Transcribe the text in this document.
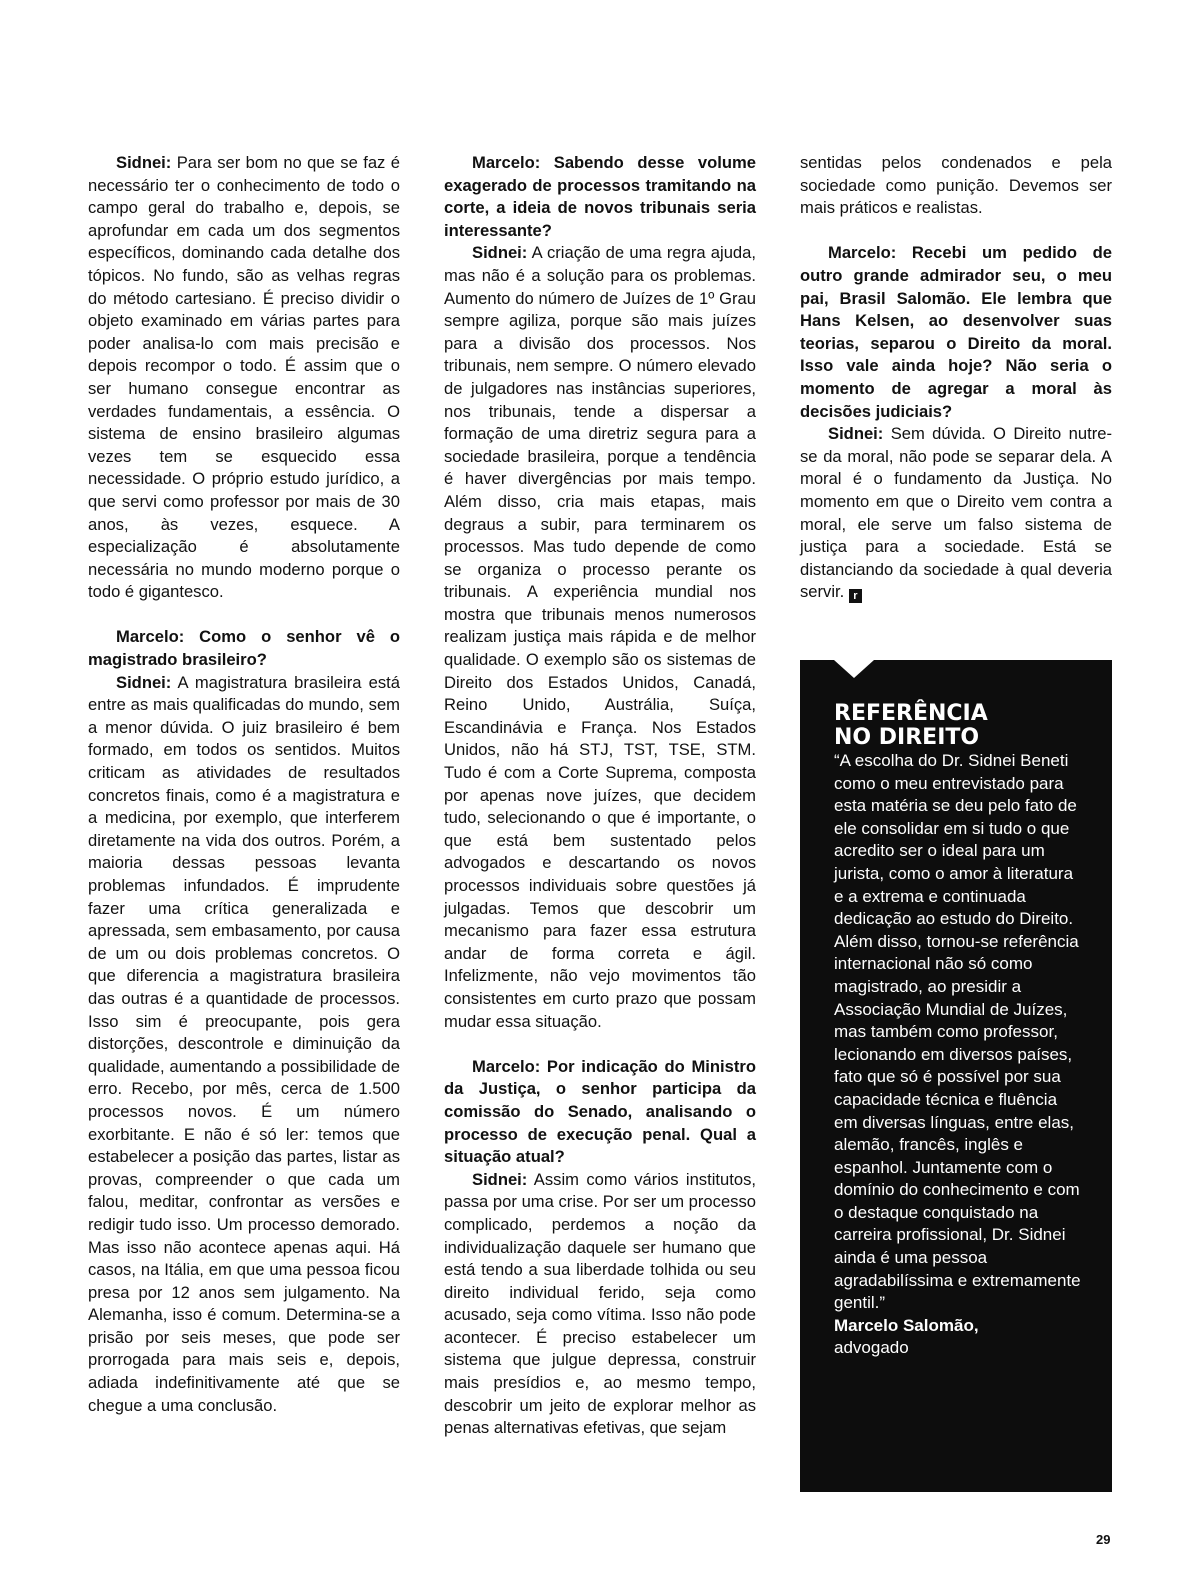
Sidnei: Para ser bom no que se faz é necessário ter o conhecimento de todo o campo geral do trabalho e, depois, se aprofundar em cada um dos segmentos específicos, dominando cada detalhe dos tópicos. No fundo, são as velhas regras do método cartesiano. É preciso dividir o objeto examinado em várias partes para poder analisa-lo com mais precisão e depois recompor o todo. É assim que o ser humano consegue encontrar as verdades fundamentais, a essência. O sistema de ensino brasileiro algumas vezes tem se esquecido essa necessidade. O próprio estudo jurídico, a que servi como professor por mais de 30 anos, às vezes, esquece. A especialização é absolutamente necessária no mundo moderno porque o todo é gigantesco.

Marcelo: Como o senhor vê o magistrado brasileiro?

Sidnei: A magistratura brasileira está entre as mais qualificadas do mundo, sem a menor dúvida. O juiz brasileiro é bem formado, em todos os sentidos. Muitos criticam as atividades de resultados concretos finais, como é a magistratura e a medicina, por exemplo, que interferem diretamente na vida dos outros. Porém, a maioria dessas pessoas levanta problemas infundados. É imprudente fazer uma crítica generalizada e apressada, sem embasamento, por causa de um ou dois problemas concretos. O que diferencia a magistratura brasileira das outras é a quantidade de processos. Isso sim é preocupante, pois gera distorções, descontrole e diminuição da qualidade, aumentando a possibilidade de erro. Recebo, por mês, cerca de 1.500 processos novos. É um número exorbitante. E não é só ler: temos que estabelecer a posição das partes, listar as provas, compreender o que cada um falou, meditar, confrontar as versões e redigir tudo isso. Um processo demorado. Mas isso não acontece apenas aqui. Há casos, na Itália, em que uma pessoa ficou presa por 12 anos sem julgamento. Na Alemanha, isso é comum. Determina-se a prisão por seis meses, que pode ser prorrogada para mais seis e, depois, adiada indefinitivamente até que se chegue a uma conclusão.

Marcelo: Sabendo desse volume exagerado de processos tramitando na corte, a ideia de novos tribunais seria interessante?

Sidnei: A criação de uma regra ajuda, mas não é a solução para os problemas. Aumento do número de Juízes de 1º Grau sempre agiliza, porque são mais juízes para a divisão dos processos. Nos tribunais, nem sempre. O número elevado de julgadores nas instâncias superiores, nos tribunais, tende a dispersar a formação de uma diretriz segura para a sociedade brasileira, porque a tendência é haver divergências por mais tempo. Além disso, cria mais etapas, mais degraus a subir, para terminarem os processos. Mas tudo depende de como se organiza o processo perante os tribunais. A experiência mundial nos mostra que tribunais menos numerosos realizam justiça mais rápida e de melhor qualidade. O exemplo são os sistemas de Direito dos Estados Unidos, Canadá, Reino Unido, Austrália, Suíça, Escandinávia e França. Nos Estados Unidos, não há STJ, TST, TSE, STM. Tudo é com a Corte Suprema, composta por apenas nove juízes, que decidem tudo, selecionando o que é importante, o que está bem sustentado pelos advogados e descartando os novos processos individuais sobre questões já julgadas. Temos que descobrir um mecanismo para fazer essa estrutura andar de forma correta e ágil. Infelizmente, não vejo movimentos tão consistentes em curto prazo que possam mudar essa situação.

Marcelo: Por indicação do Ministro da Justiça, o senhor participa da comissão do Senado, analisando o processo de execução penal. Qual a situação atual?

Sidnei: Assim como vários institutos, passa por uma crise. Por ser um processo complicado, perdemos a noção da individualização daquele ser humano que está tendo a sua liberdade tolhida ou seu direito individual ferido, seja como acusado, seja como vítima. Isso não pode acontecer. É preciso estabelecer um sistema que julgue depressa, construir mais presídios e, ao mesmo tempo, descobrir um jeito de explorar melhor as penas alternativas efetivas, que sejam

sentidas pelos condenados e pela sociedade como punição. Devemos ser mais práticos e realistas.

Marcelo: Recebi um pedido de outro grande admirador seu, o meu pai, Brasil Salomão. Ele lembra que Hans Kelsen, ao desenvolver suas teorias, separou o Direito da moral. Isso vale ainda hoje? Não seria o momento de agregar a moral às decisões judiciais?

Sidnei: Sem dúvida. O Direito nutre-se da moral, não pode se separar dela. A moral é o fundamento da Justiça. No momento em que o Direito vem contra a moral, ele serve um falso sistema de justiça para a sociedade. Está se distanciando da sociedade à qual deveria servir. r

REFERÊNCIA

NO DIREITO

“A escolha do Dr. Sidnei Beneti como o meu entrevistado para esta matéria se deu pelo fato de ele consolidar em si tudo o que acredito ser o ideal para um jurista, como o amor à literatura e a extrema e continuada dedicação ao estudo do Direito. Além disso, tornou-se referência internacional não só como magistrado, ao presidir a Associação Mundial de Juízes, mas também como professor, lecionando em diversos países, fato que só é possível por sua capacidade técnica e fluência em diversas línguas, entre elas, alemão, francês, inglês e espanhol. Juntamente com o domínio do conhecimento e com o destaque conquistado na carreira profissional, Dr. Sidnei ainda é uma pessoa agradabilíssima e extremamente gentil.”

Marcelo Salomão,

advogado

29
